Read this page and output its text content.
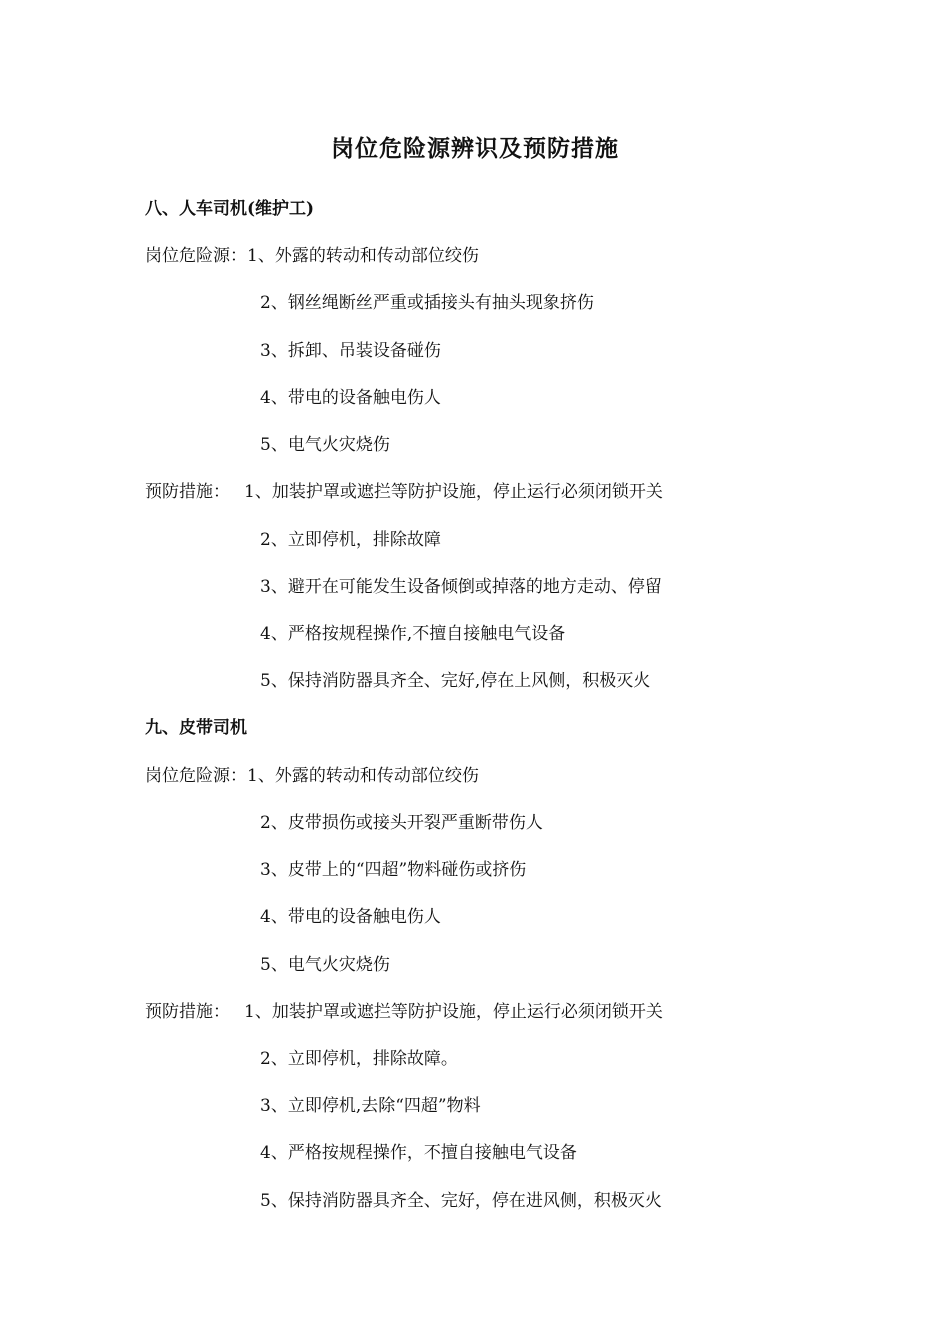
岗位危险源辨识及预防措施
八、人车司机(维护工)
岗位危险源：1、外露的转动和传动部位绞伤
2、钢丝绳断丝严重或插接头有抽头现象挤伤
3、拆卸、吊装设备碰伤
4、带电的设备触电伤人
5、电气火灾烧伤
预防措施： 1、加装护罩或遮拦等防护设施，停止运行必须闭锁开关
2、立即停机，排除故障
3、避开在可能发生设备倾倒或掉落的地方走动、停留
4、严格按规程操作,不擅自接触电气设备
5、保持消防器具齐全、完好,停在上风侧，积极灭火
九、皮带司机
岗位危险源：1、外露的转动和传动部位绞伤
2、皮带损伤或接头开裂严重断带伤人
3、皮带上的“四超”物料碰伤或挤伤
4、带电的设备触电伤人
5、电气火灾烧伤
预防措施： 1、加装护罩或遮拦等防护设施，停止运行必须闭锁开关
2、立即停机，排除故障。
3、立即停机,去除“四超”物料
4、严格按规程操作，不擅自接触电气设备
5、保持消防器具齐全、完好，停在进风侧，积极灭火
